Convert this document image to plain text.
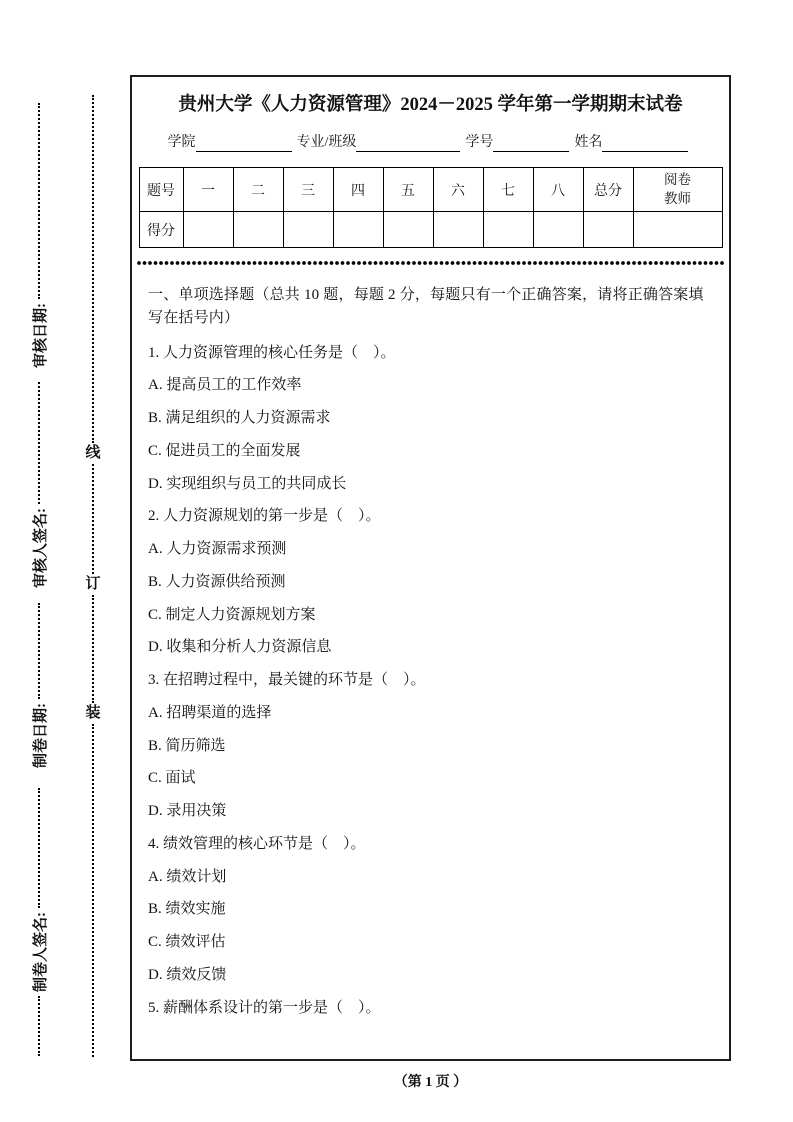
审核日期:
审核人签名:
制卷日期:
制卷人签名:
线
订
装
贵州大学《人力资源管理》2024－2025 学年第一学期期末试卷
学院	专业/班级	学号	姓名
题号	一	二	三	四	五	六	七	八	总分	阅卷教师

得分										
一、单项选择题（总共 10 题，每题 2 分，每题只有一个正确答案，请将正确答案填写在括号内）
1. 人力资源管理的核心任务是（　）。
A. 提高员工的工作效率
B. 满足组织的人力资源需求
C. 促进员工的全面发展
D. 实现组织与员工的共同成长
2. 人力资源规划的第一步是（　）。
A. 人力资源需求预测
B. 人力资源供给预测
C. 制定人力资源规划方案
D. 收集和分析人力资源信息
3. 在招聘过程中，最关键的环节是（　）。
A. 招聘渠道的选择
B. 简历筛选
C. 面试
D. 录用决策
4. 绩效管理的核心环节是（　）。
A. 绩效计划
B. 绩效实施
C. 绩效评估
D. 绩效反馈
5. 薪酬体系设计的第一步是（　）。
（第 1 页 ）
